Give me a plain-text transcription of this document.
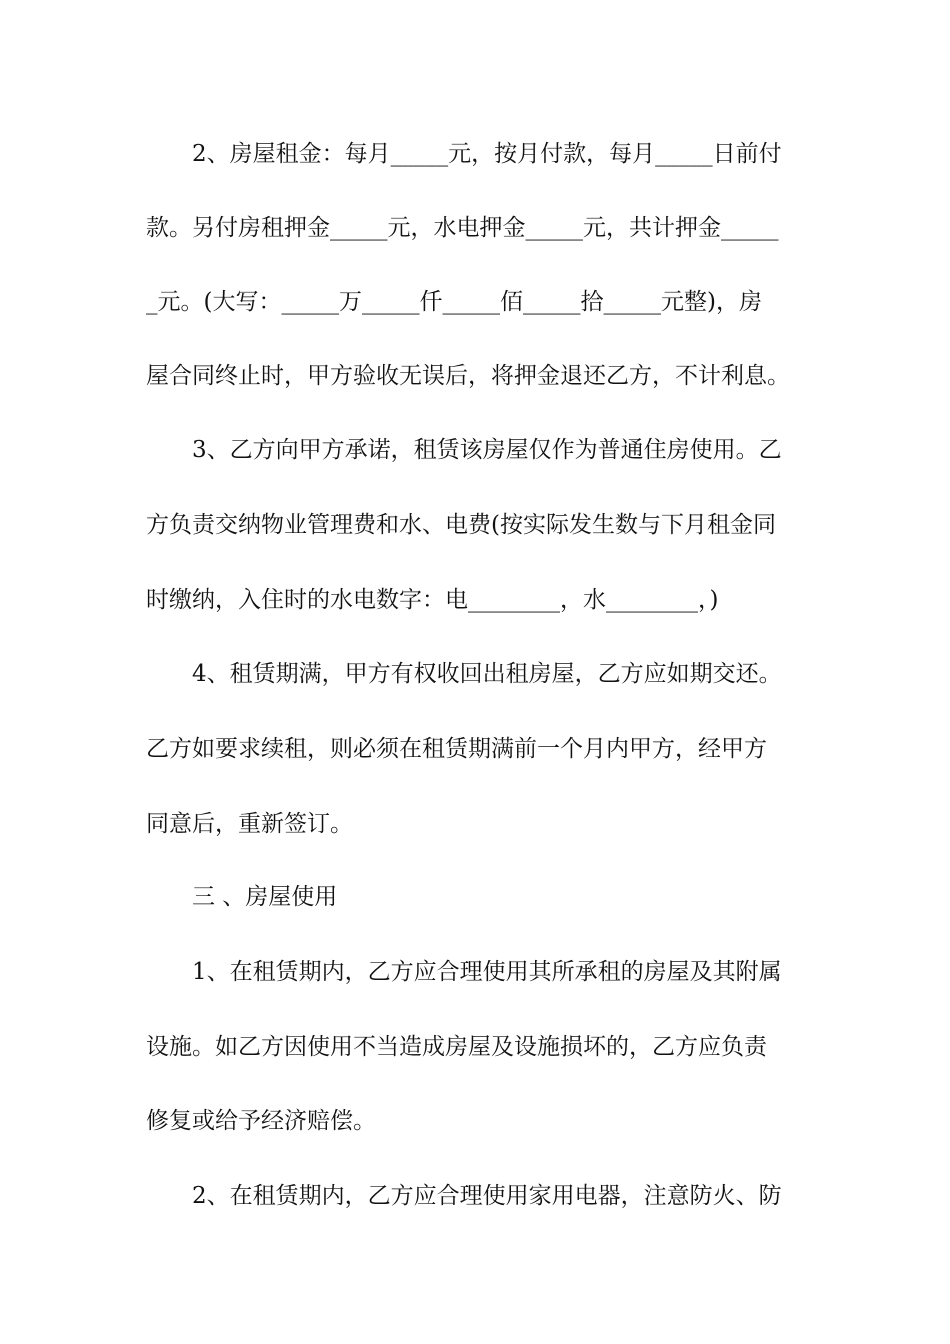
2、房屋租金：每月_____元，按月付款，每月_____日前付
款。另付房租押金_____元，水电押金_____元，共计押金_____
_元。(大写：_____万_____仟_____佰_____拾_____元整)，房
屋合同终止时，甲方验收无误后，将押金退还乙方，不计利息。
3、乙方向甲方承诺，租赁该房屋仅作为普通住房使用。乙
方负责交纳物业管理费和水、电费(按实际发生数与下月租金同
时缴纳，入住时的水电数字：电________，水________，)
4、租赁期满，甲方有权收回出租房屋，乙方应如期交还。
乙方如要求续租，则必须在租赁期满前一个月内甲方，经甲方
同意后，重新签订。
三 、房屋使用
1、在租赁期内，乙方应合理使用其所承租的房屋及其附属
设施。如乙方因使用不当造成房屋及设施损坏的，乙方应负责
修复或给予经济赔偿。
2、在租赁期内，乙方应合理使用家用电器，注意防火、防
